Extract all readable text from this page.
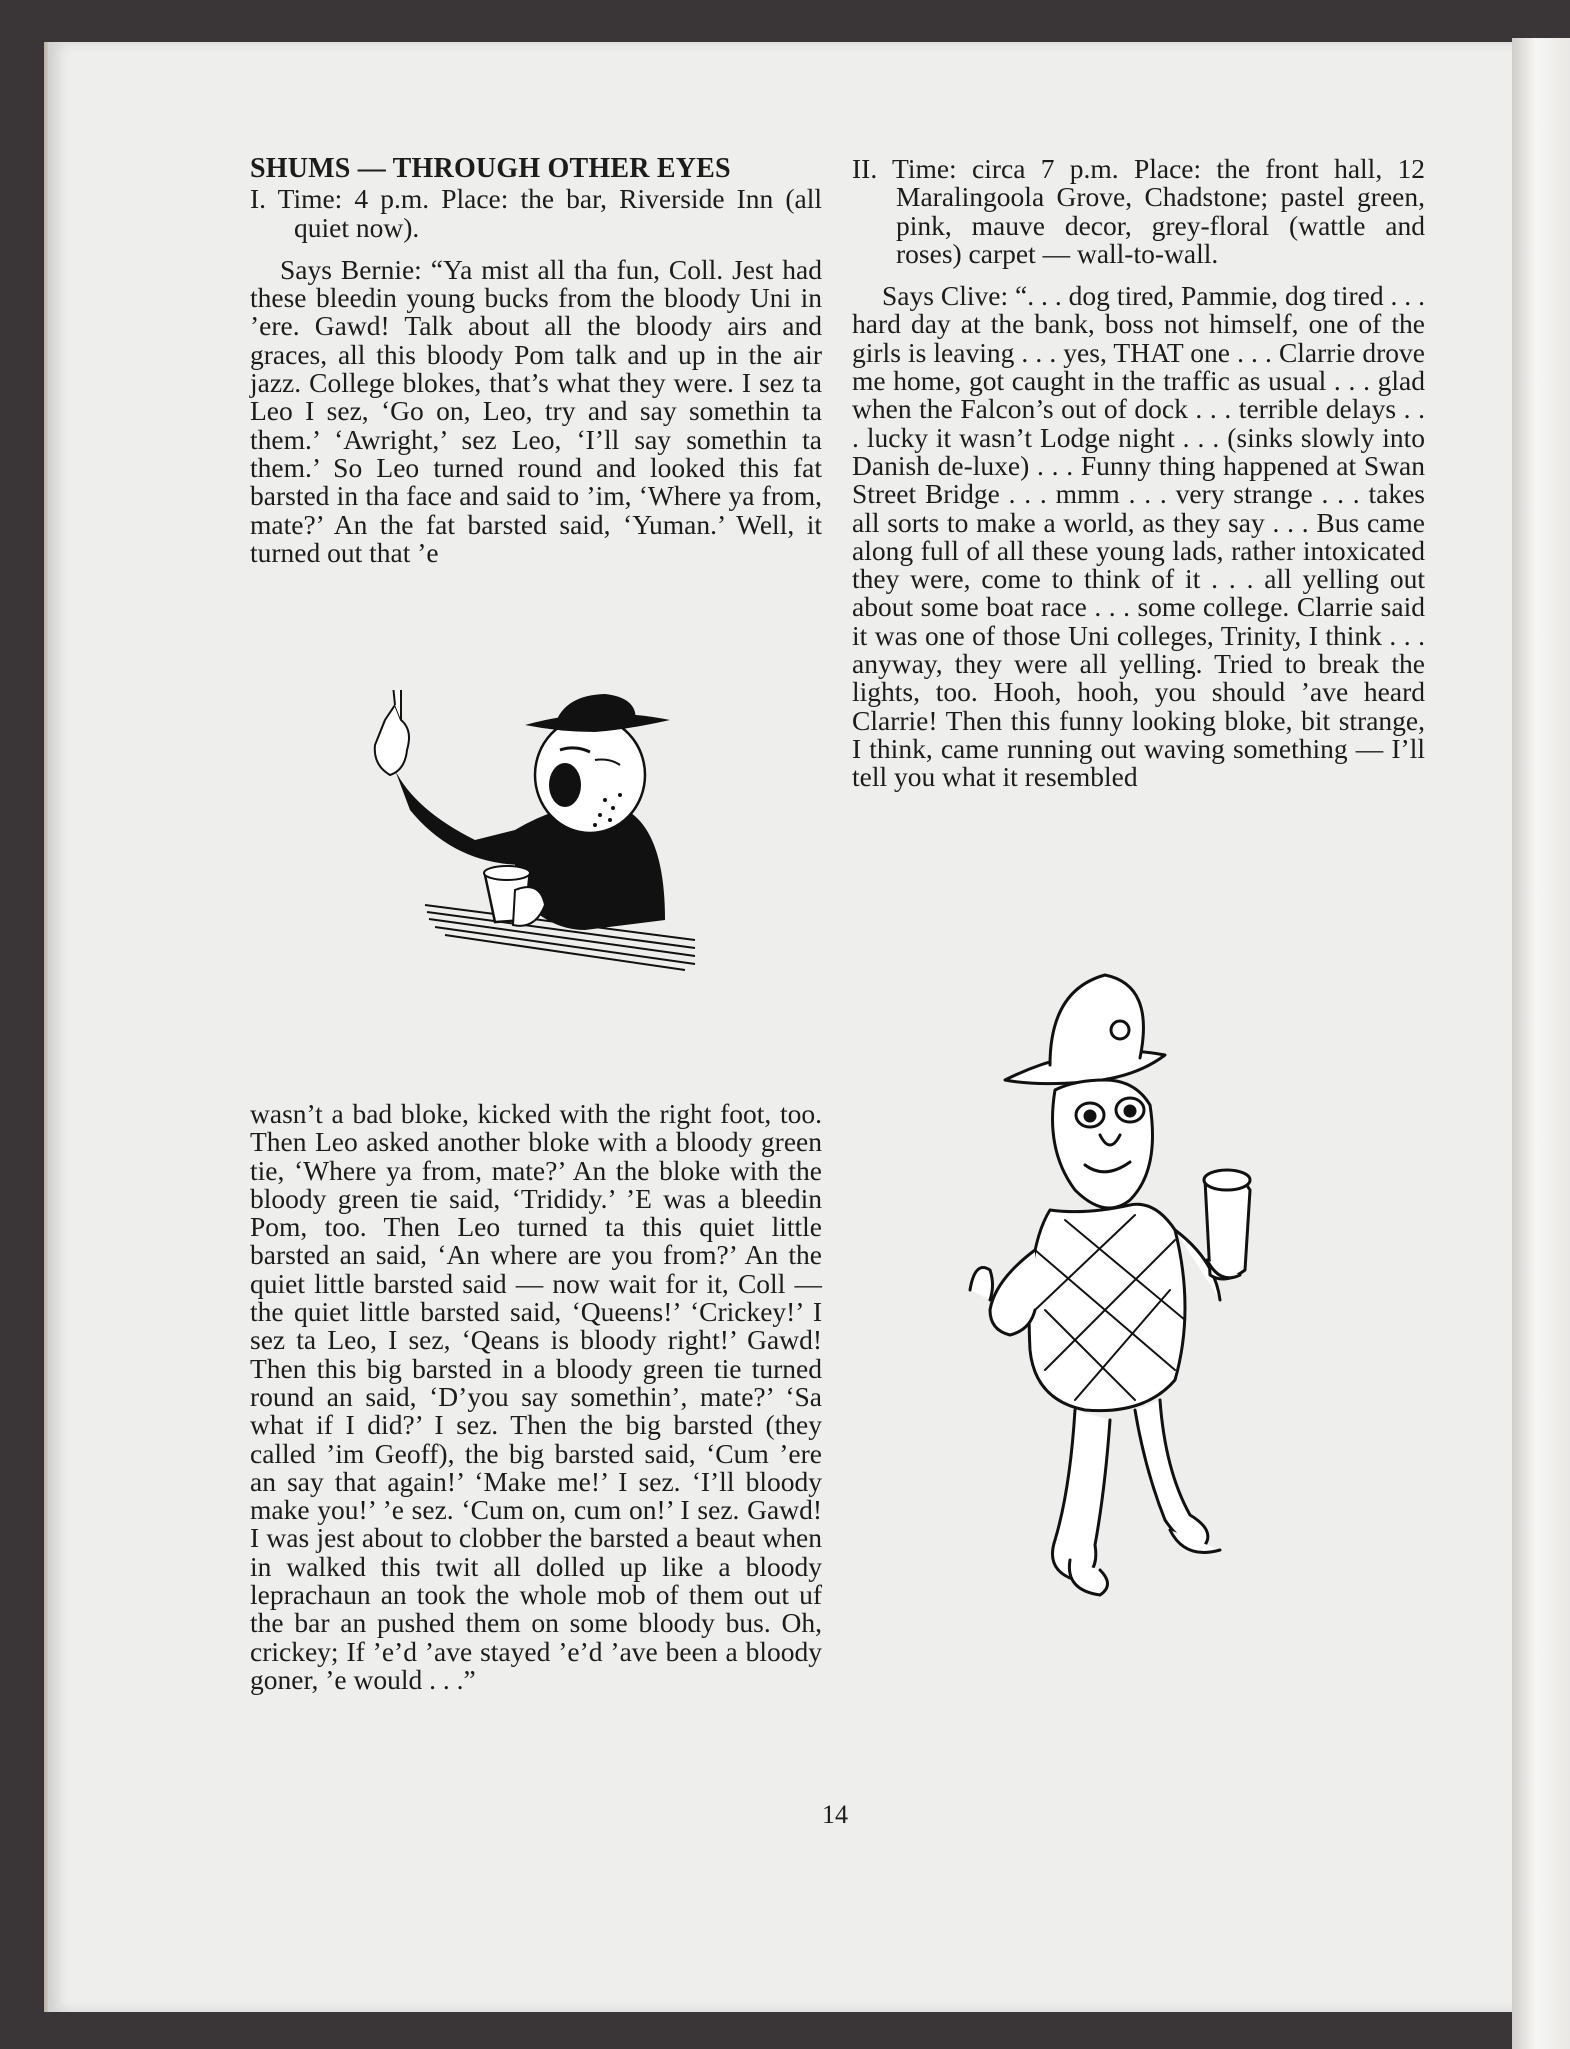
SHUMS — THROUGH OTHER EYES

I. Time: 4 p.m. Place: the bar, Riverside Inn (all quiet now).

Says Bernie: “Ya mist all tha fun, Coll. Jest had these bleedin young bucks from the bloody Uni in ’ere. Gawd! Talk about all the bloody airs and graces, all this bloody Pom talk and up in the air jazz. College blokes, that’s what they were. I sez ta Leo I sez, ‘Go on, Leo, try and say somethin ta them.’ ‘Awright,’ sez Leo, ‘I’ll say somethin ta them.’ So Leo turned round and looked this fat barsted in tha face and said to ’im, ‘Where ya from, mate?’ An the fat barsted said, ‘Yuman.’ Well, it turned out that ’e

wasn’t a bad bloke, kicked with the right foot, too. Then Leo asked another bloke with a bloody green tie, ‘Where ya from, mate?’ An the bloke with the bloody green tie said, ‘Trididy.’ ’E was a bleedin Pom, too. Then Leo turned ta this quiet little barsted an said, ‘An where are you from?’ An the quiet little barsted said — now wait for it, Coll — the quiet little barsted said, ‘Queens!’ ‘Crickey!’ I sez ta Leo, I sez, ‘Qeans is bloody right!’ Gawd! Then this big barsted in a bloody green tie turned round an said, ‘D’you say somethin’, mate?’ ‘Sa what if I did?’ I sez. Then the big barsted (they called ’im Geoff), the big barsted said, ‘Cum ’ere an say that again!’ ‘Make me!’ I sez. ‘I’ll bloody make you!’ ’e sez. ‘Cum on, cum on!’ I sez. Gawd! I was jest about to clobber the barsted a beaut when in walked this twit all dolled up like a bloody leprachaun an took the whole mob of them out uf the bar an pushed them on some bloody bus. Oh, crickey; If ’e’d ’ave stayed ’e’d ’ave been a bloody goner, ’e would . . .”

II. Time: circa 7 p.m. Place: the front hall, 12 Maralingoola Grove, Chadstone; pastel green, pink, mauve decor, grey-floral (wattle and roses) carpet — wall-to-wall.

Says Clive: “. . . dog tired, Pammie, dog tired . . . hard day at the bank, boss not himself, one of the girls is leaving . . . yes, THAT one . . . Clarrie drove me home, got caught in the traffic as usual . . . glad when the Falcon’s out of dock . . . terrible delays . . . lucky it wasn’t Lodge night . . . (sinks slowly into Danish de-luxe) . . . Funny thing happened at Swan Street Bridge . . . mmm . . . very strange . . . takes all sorts to make a world, as they say . . . Bus came along full of all these young lads, rather intoxicated they were, come to think of it . . . all yelling out about some boat race . . . some college. Clarrie said it was one of those Uni colleges, Trinity, I think . . . anyway, they were all yelling. Tried to break the lights, too. Hooh, hooh, you should ’ave heard Clarrie! Then this funny looking bloke, bit strange, I think, came running out waving something — I’ll tell you what it resembled

14
